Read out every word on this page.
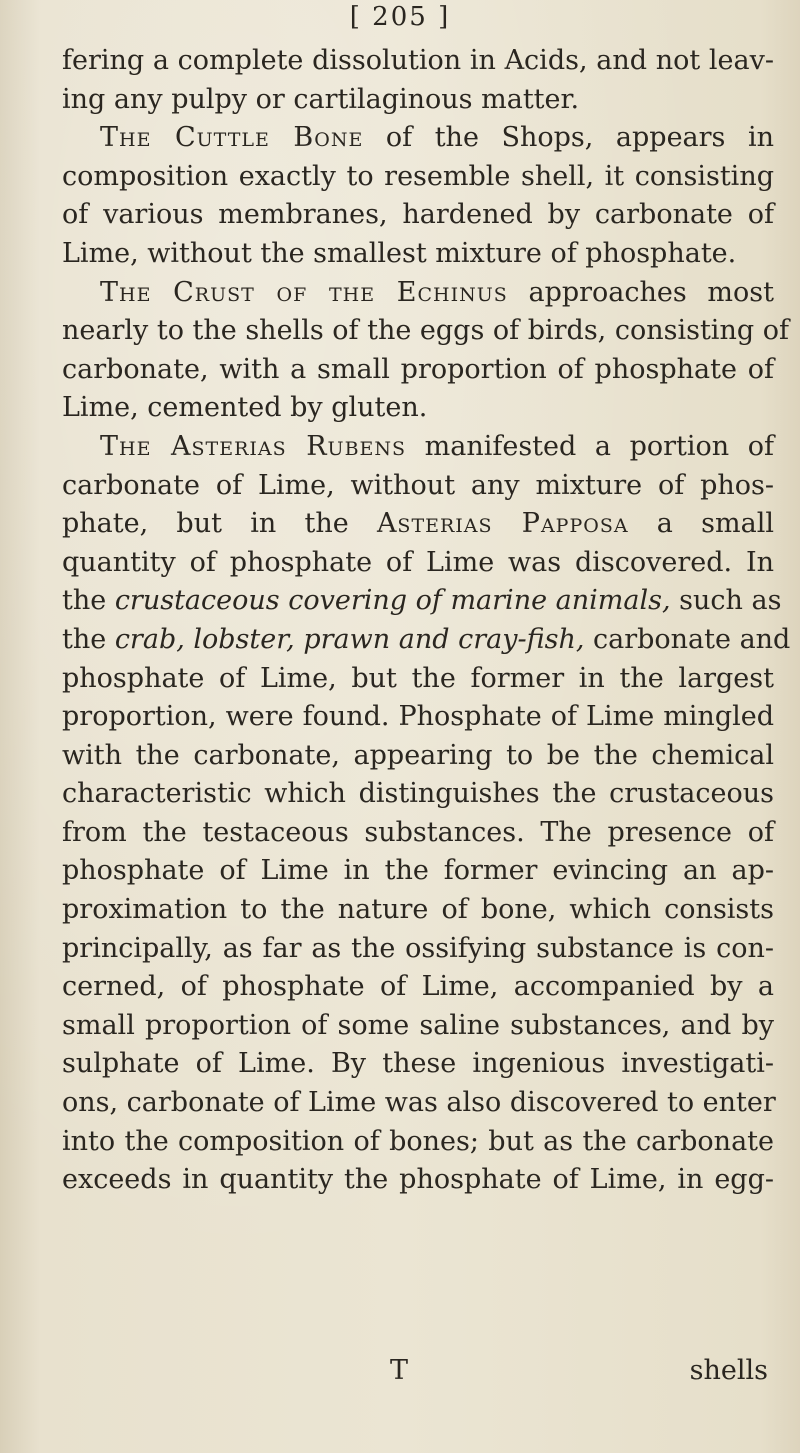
[ 205 ]
fering a complete dissolution in Acids, and not leav-
ing any pulpy or cartilaginous matter.
The Cuttle Bone of the Shops, appears in
composition exactly to resemble shell, it consisting
of various membranes, hardened by carbonate of
Lime, without the smallest mixture of phosphate.
The Crust of the Echinus approaches most
nearly to the shells of the eggs of birds, consisting of
carbonate, with a small proportion of phosphate of
Lime, cemented by gluten.
The Asterias Rubens manifested a portion of
carbonate of Lime, without any mixture of phos-
phate, but in the Asterias Papposa a small
quantity of phosphate of Lime was discovered. In
the crustaceous covering of marine animals, such as
the crab, lobster, prawn and cray-fish, carbonate and
phosphate of Lime, but the former in the largest
proportion, were found. Phosphate of Lime mingled
with the carbonate, appearing to be the chemical
characteristic which distinguishes the crustaceous
from the testaceous substances. The presence of
phosphate of Lime in the former evincing an ap-
proximation to the nature of bone, which consists
principally, as far as the ossifying substance is con-
cerned, of phosphate of Lime, accompanied by a
small proportion of some saline substances, and by
sulphate of Lime. By these ingenious investigati-
ons, carbonate of Lime was also discovered to enter
into the composition of bones; but as the carbonate
exceeds in quantity the phosphate of Lime, in egg-
T	shells
